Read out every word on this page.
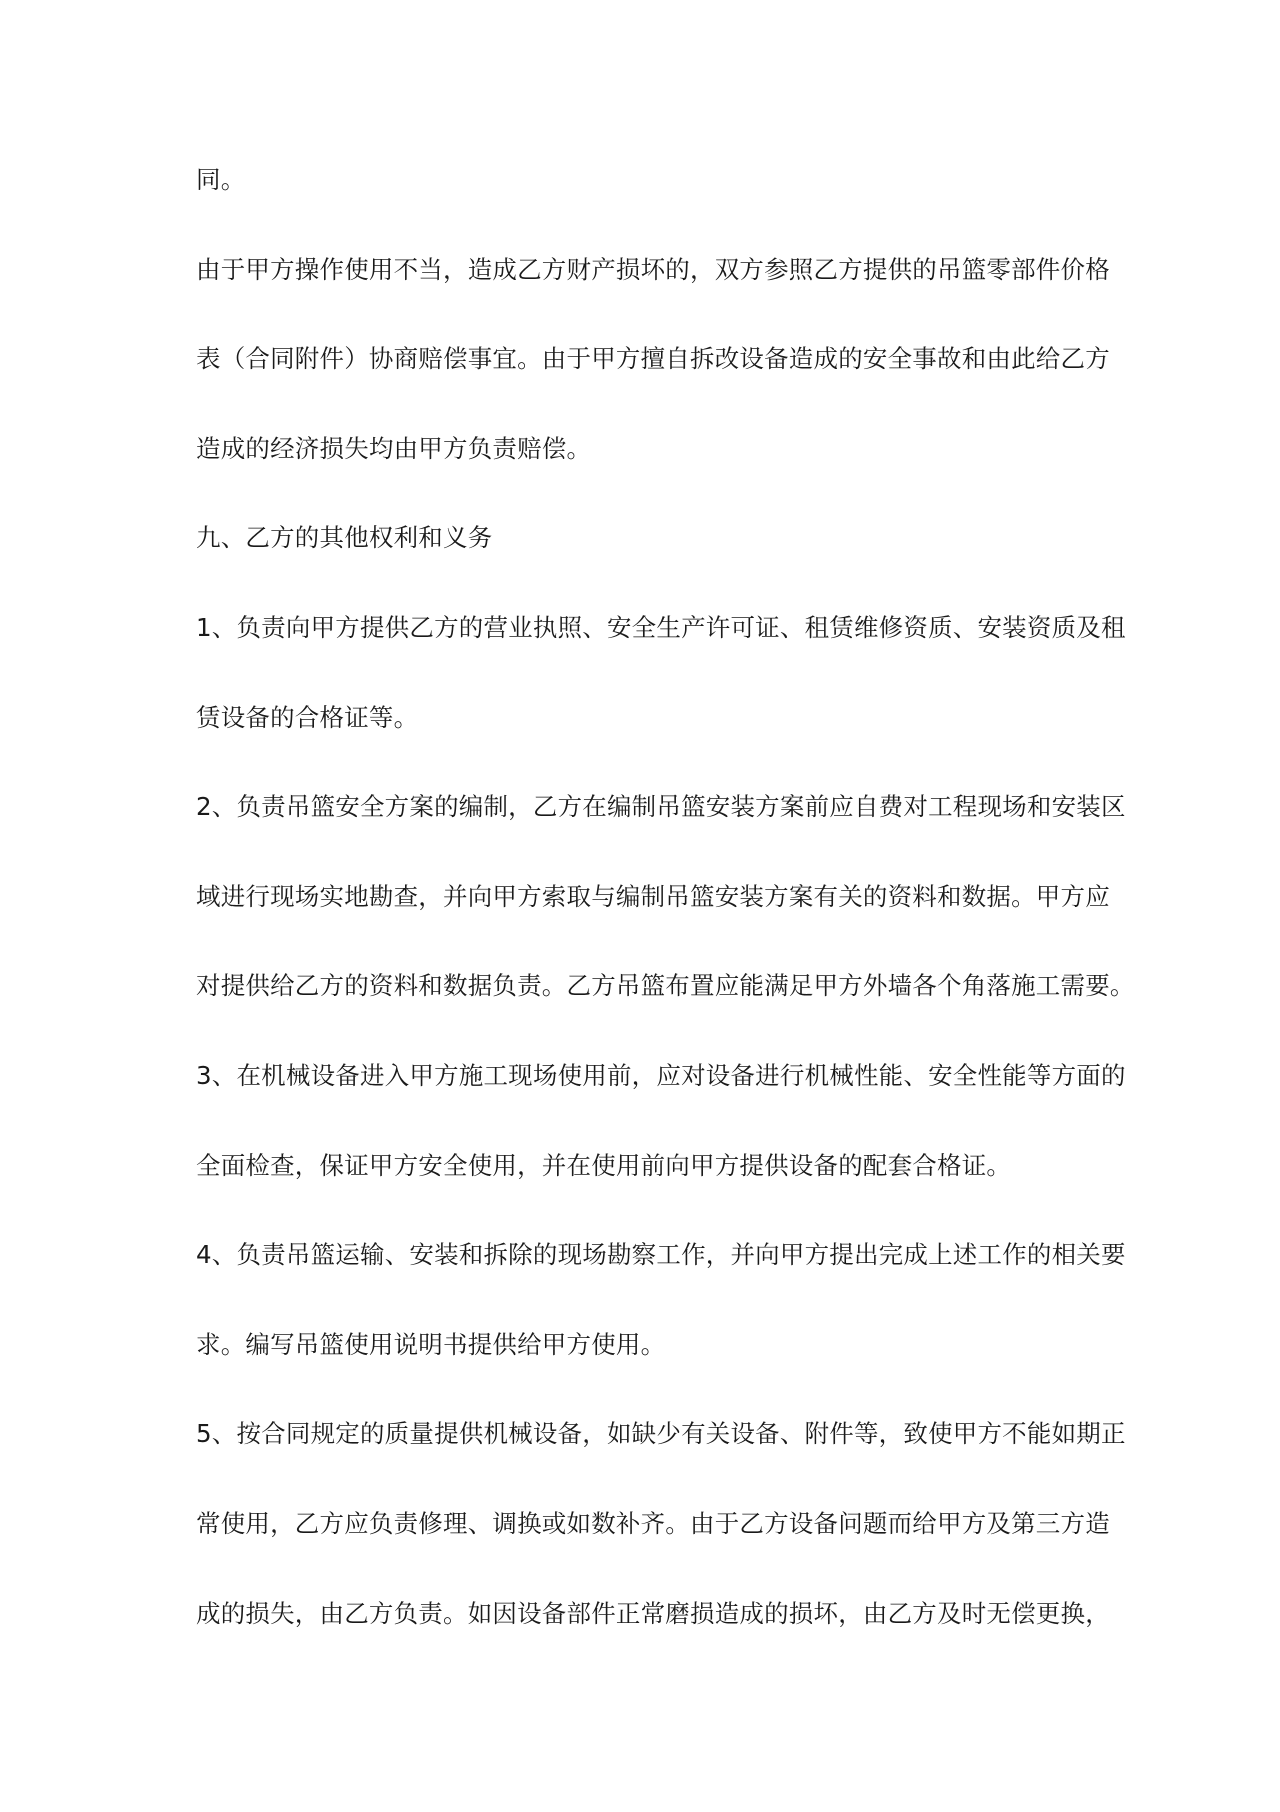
同。
由于甲方操作使用不当，造成乙方财产损坏的，双方参照乙方提供的吊篮零部件价格
表（合同附件）协商赔偿事宜。由于甲方擅自拆改设备造成的安全事故和由此给乙方
造成的经济损失均由甲方负责赔偿。
九、乙方的其他权利和义务
1、负责向甲方提供乙方的营业执照、安全生产许可证、租赁维修资质、安装资质及租
赁设备的合格证等。
2、负责吊篮安全方案的编制，乙方在编制吊篮安装方案前应自费对工程现场和安装区
域进行现场实地勘查，并向甲方索取与编制吊篮安装方案有关的资料和数据。甲方应
对提供给乙方的资料和数据负责。乙方吊篮布置应能满足甲方外墙各个角落施工需要。
3、在机械设备进入甲方施工现场使用前，应对设备进行机械性能、安全性能等方面的
全面检查，保证甲方安全使用，并在使用前向甲方提供设备的配套合格证。
4、负责吊篮运输、安装和拆除的现场勘察工作，并向甲方提出完成上述工作的相关要
求。编写吊篮使用说明书提供给甲方使用。
5、按合同规定的质量提供机械设备，如缺少有关设备、附件等，致使甲方不能如期正
常使用，乙方应负责修理、调换或如数补齐。由于乙方设备问题而给甲方及第三方造
成的损失，由乙方负责。如因设备部件正常磨损造成的损坏，由乙方及时无偿更换，
